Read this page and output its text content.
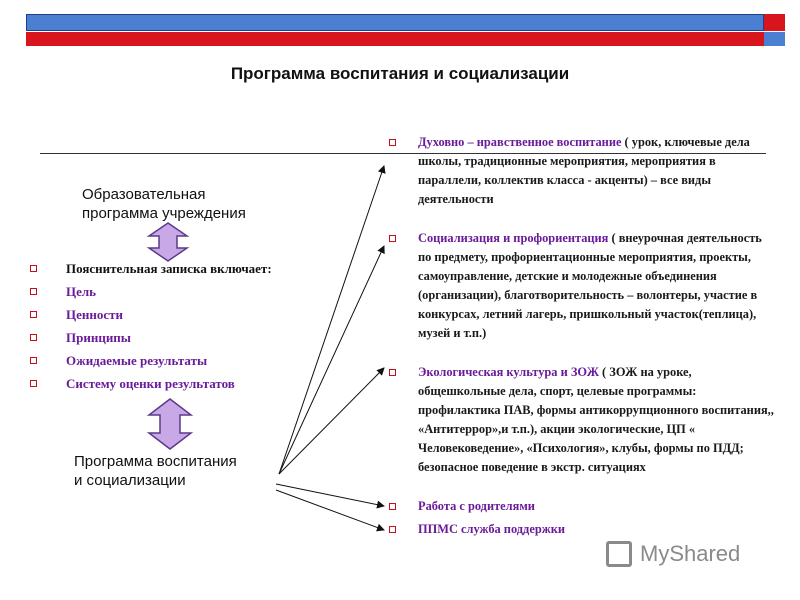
Программа воспитания и социализации
Образовательная
программа учреждения
Пояснительная записка включает:
Цель
Ценности
Принципы
Ожидаемые результаты
Систему оценки результатов
Программа воспитания
и социализации
Духовно – нравственное воспитание ( урок, ключевые дела школы, традиционные мероприятия, мероприятия в параллели, коллектив класса - акценты) – все виды деятельности
Социализация и профориентация ( внеурочная деятельность по предмету, профориентационные мероприятия, проекты, самоуправление, детские и молодежные объединения (организации), благотворительность – волонтеры, участие в конкурсах, летний лагерь, пришкольный участок(теплица), музей и т.п.)
Экологическая культура и ЗОЖ ( ЗОЖ на уроке, общешкольные дела, спорт, целевые программы: профилактика ПАВ, формы антикоррупционного воспитания,, «Антитеррор»,и т.п.), акции экологические, ЦП « Человековедение», «Психология», клубы, формы по ПДД; безопасное поведение в экстр. ситуациях
Работа с родителями
ППМС служба поддержки
MyShared
